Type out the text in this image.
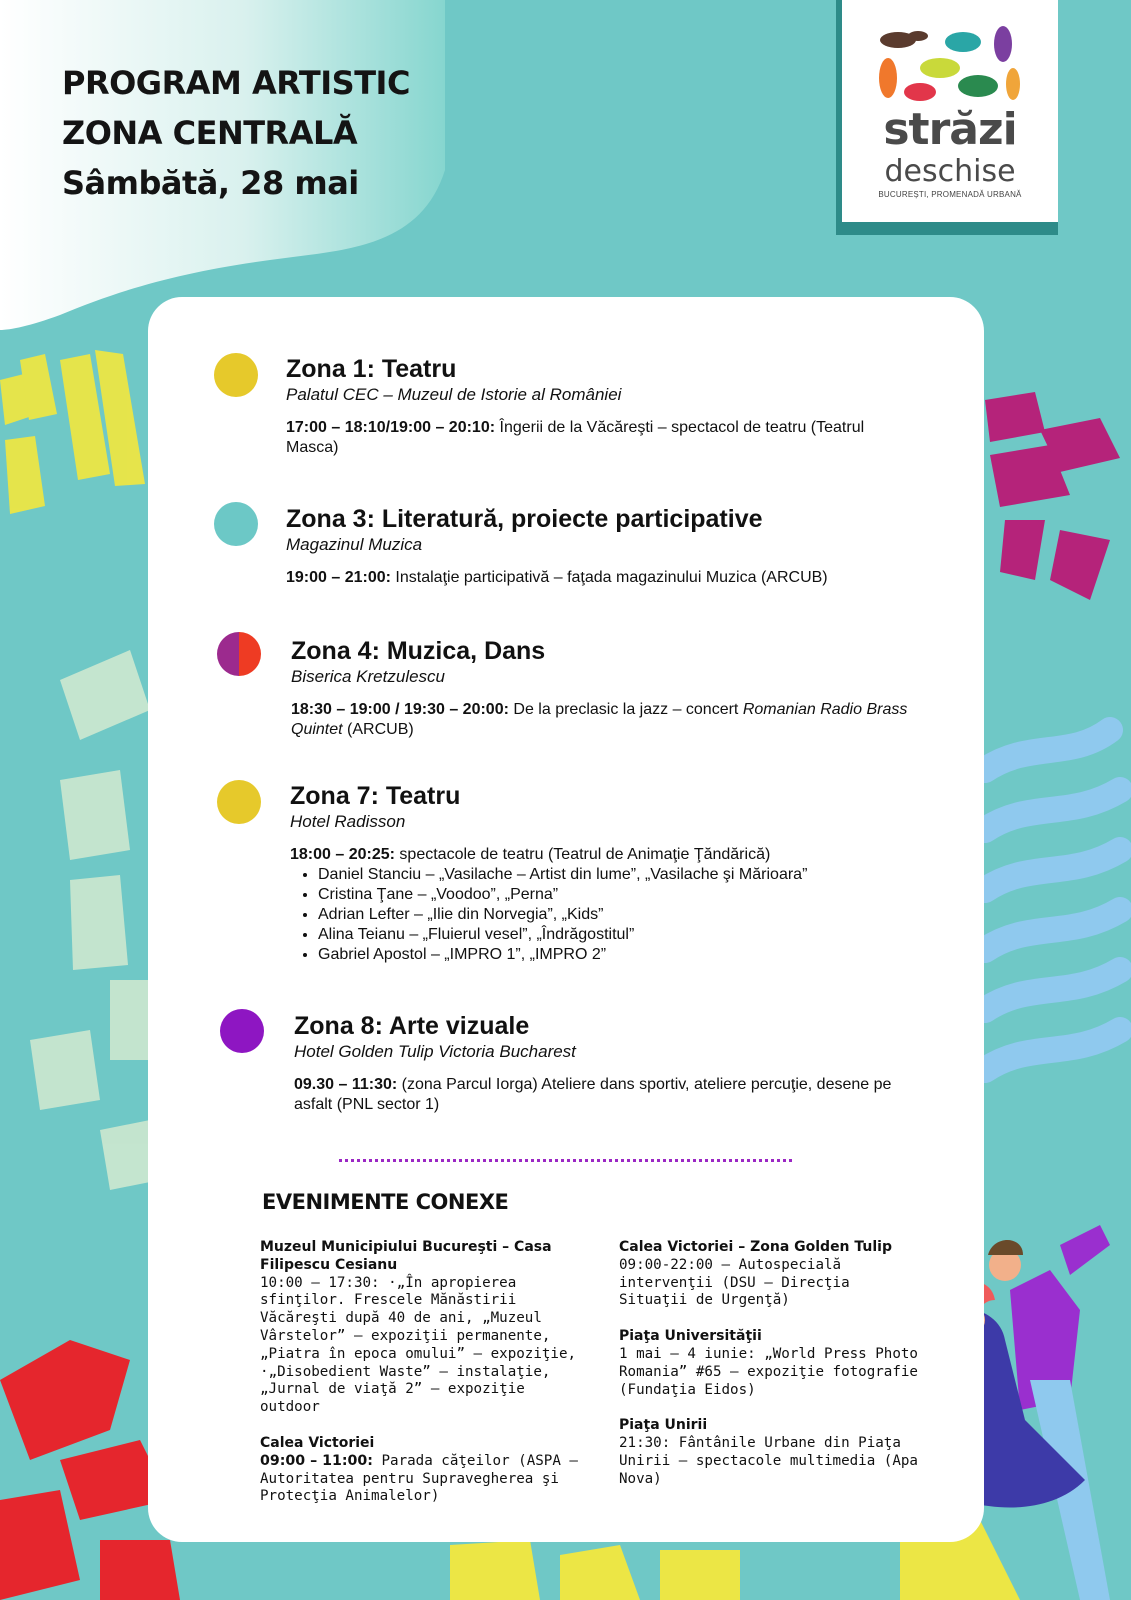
PROGRAM ARTISTIC
ZONA CENTRALĂ
Sâmbătă, 28 mai
străzi
deschise
BUCUREȘTI, PROMENADĂ URBANĂ
Zona 1: Teatru
Palatul CEC – Muzeul de Istorie al României
17:00 – 18:10/19:00 – 20:10: Îngerii de la Văcăreşti – spectacol de teatru (Teatrul Masca)
Zona 3: Literatură, proiecte participative
Magazinul Muzica
19:00 – 21:00: Instalaţie participativă – faţada magazinului Muzica (ARCUB)
Zona 4: Muzica, Dans
Biserica Kretzulescu
18:30 – 19:00 / 19:30 – 20:00: De la preclasic la jazz – concert Romanian Radio Brass Quintet (ARCUB)
Zona 7: Teatru
Hotel Radisson
18:00 – 20:25: spectacole de teatru (Teatrul de Animaţie Ţăndărică)
• Daniel Stanciu – „Vasilache – Artist din lume”, „Vasilache şi Mărioara”
• Cristina Ţane – „Voodoo”, „Perna”
• Adrian Lefter – „Ilie din Norvegia”, „Kids”
• Alina Teianu – „Fluierul vesel”, „Îndrăgostitul”
• Gabriel Apostol – „IMPRO 1”, „IMPRO 2”
Zona 8: Arte vizuale
Hotel Golden Tulip Victoria Bucharest
09.30 – 11:30: (zona Parcul Iorga) Ateliere dans sportiv, ateliere percuţie, desene pe asfalt (PNL sector 1)
EVENIMENTE CONEXE
Muzeul Municipiului Bucureşti – Casa Filipescu Cesianu
10:00 – 17:30: ·„În apropierea sfinţilor. Frescele Mănăstirii Văcăreşti după 40 de ani, „Muzeul Vârstelor” – expoziţii permanente, „Piatra în epoca omului” – expoziţie, ·„Disobedient Waste” – instalaţie, „Jurnal de viaţă 2” – expoziţie outdoor
Calea Victoriei
09:00 – 11:00: Parada căţeilor (ASPA – Autoritatea pentru Supravegherea şi Protecţia Animalelor)
Calea Victoriei – Zona Golden Tulip
09:00-22:00 – Autospecială intervenţii (DSU – Direcţia Situaţii de Urgenţă)
Piaţa Universităţii
1 mai – 4 iunie: „World Press Photo Romania” #65 – expoziţie fotografie (Fundaţia Eidos)
Piaţa Unirii
21:30: Fântânile Urbane din Piaţa Unirii – spectacole multimedia (Apa Nova)
